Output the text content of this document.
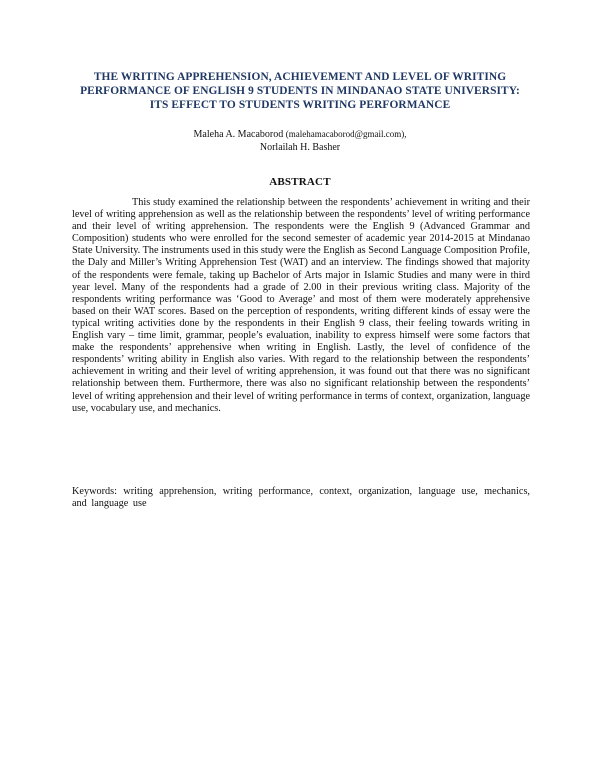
THE WRITING APPREHENSION, ACHIEVEMENT AND LEVEL OF WRITING
PERFORMANCE OF ENGLISH 9 STUDENTS IN MINDANAO STATE UNIVERSITY:
ITS EFFECT TO STUDENTS WRITING PERFORMANCE
Maleha A. Macaborod (malehamacaborod@gmail.com),
Norlailah H. Basher
ABSTRACT

This study examined the relationship between the respondents’ achievement in writing and their level of writing apprehension as well as the relationship between the respondents’ level of writing performance and their level of writing apprehension. The respondents were the English 9 (Advanced Grammar and Composition) students who were enrolled for the second semester of academic year 2014-2015 at Mindanao State University. The instruments used in this study were the English as Second Language Composition Profile, the Daly and Miller’s Writing Apprehension Test (WAT) and an interview. The findings showed that majority of the respondents were female, taking up Bachelor of Arts major in Islamic Studies and many were in third year level. Many of the respondents had a grade of 2.00 in their previous writing class. Majority of the respondents writing performance was ‘Good to Average’ and most of them were moderately apprehensive based on their WAT scores. Based on the perception of respondents, writing different kinds of essay were the typical writing activities done by the respondents in their English 9 class, their feeling towards writing in English vary – time limit, grammar, people’s evaluation, inability to express himself were some factors that make the respondents’ apprehensive when writing in English. Lastly, the level of confidence of the respondents’ writing ability in English also varies. With regard to the relationship between the respondents’ achievement in writing and their level of writing apprehension, it was found out that there was no significant relationship between them. Furthermore, there was also no significant relationship between the respondents’ level of writing apprehension and their level of writing performance in terms of context, organization, language use, vocabulary use, and mechanics.

Keywords: writing apprehension, writing performance, context, organization, language use, mechanics, and language use
